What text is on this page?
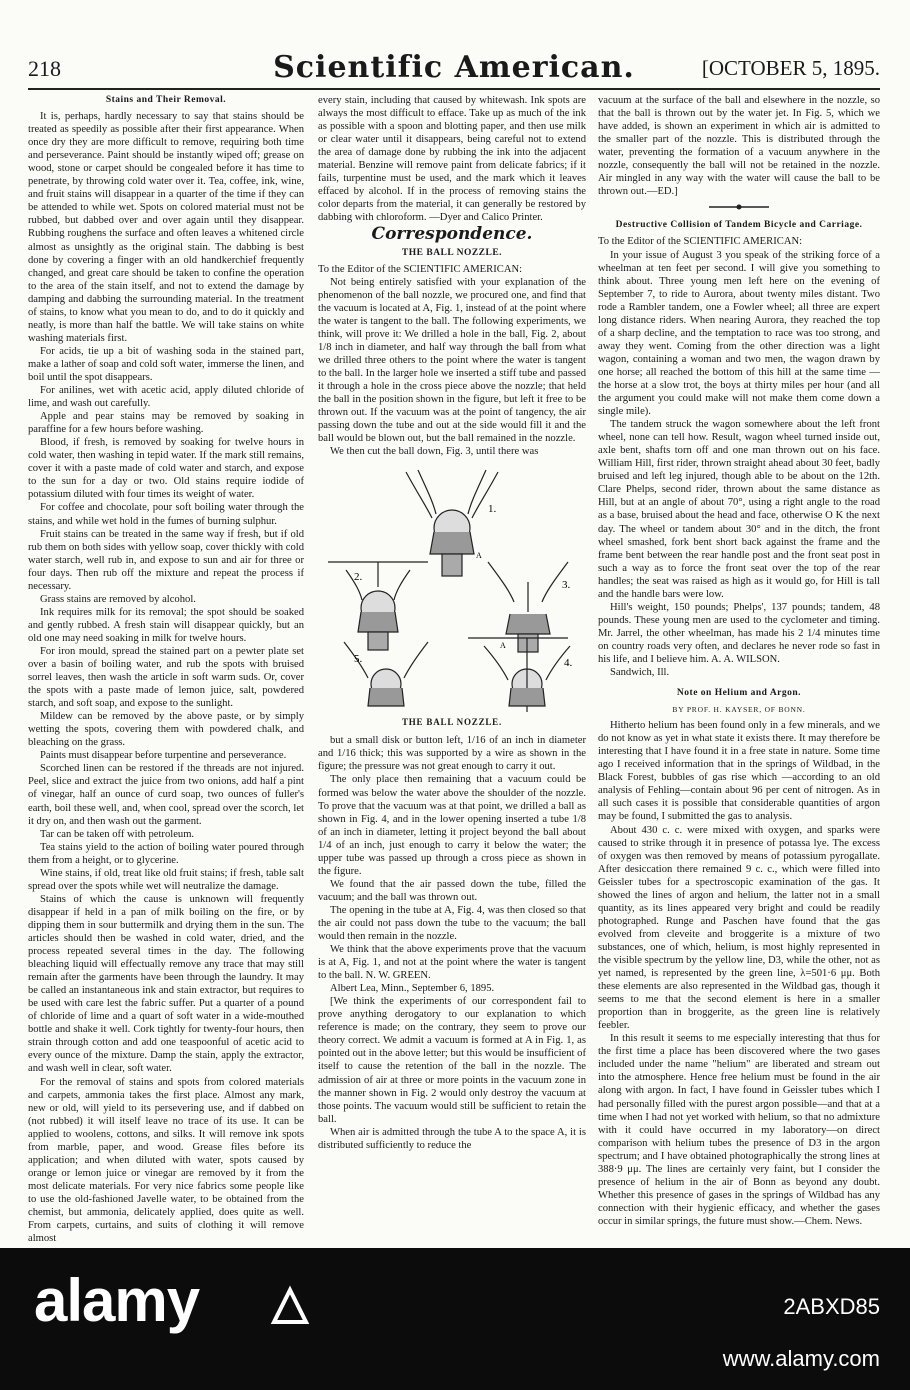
218	Scientific American.	[OCTOBER 5, 1895.
Stains and Their Removal.

It is, perhaps, hardly necessary to say that stains should be treated as speedily as possible after their first appearance. When once dry they are more difficult to remove, requiring both time and perseverance. Paint should be instantly wiped off; grease on wood, stone or carpet should be congealed before it has time to penetrate, by throwing cold water over it. Tea, coffee, ink, wine, and fruit stains will disappear in a quarter of the time if they can be attended to while wet. Spots on colored material must not be rubbed, but dabbed over and over again until they disappear. Rubbing roughens the surface and often leaves a whitened circle almost as unsightly as the original stain. The dabbing is best done by covering a finger with an old handkerchief frequently changed, and great care should be taken to confine the operation to the area of the stain itself, and not to extend the damage by damping and dabbing the surrounding material. In the treatment of stains, to know what you mean to do, and to do it quickly and neatly, is more than half the battle. We will take stains on white washing materials first.

For acids, tie up a bit of washing soda in the stained part, make a lather of soap and cold soft water, immerse the linen, and boil until the spot disappears.

For anilines, wet with acetic acid, apply diluted chloride of lime, and wash out carefully.

Apple and pear stains may be removed by soaking in paraffine for a few hours before washing.

Blood, if fresh, is removed by soaking for twelve hours in cold water, then washing in tepid water. If the mark still remains, cover it with a paste made of cold water and starch, and expose to the sun for a day or two. Old stains require iodide of potassium diluted with four times its weight of water.

For coffee and chocolate, pour soft boiling water through the stains, and while wet hold in the fumes of burning sulphur.

Fruit stains can be treated in the same way if fresh, but if old rub them on both sides with yellow soap, cover thickly with cold water starch, well rub in, and expose to sun and air for three or four days. Then rub off the mixture and repeat the process if necessary.

Grass stains are removed by alcohol.

Ink requires milk for its removal; the spot should be soaked and gently rubbed. A fresh stain will disappear quickly, but an old one may need soaking in milk for twelve hours.

For iron mould, spread the stained part on a pewter plate set over a basin of boiling water, and rub the spots with bruised sorrel leaves, then wash the article in soft warm suds. Or, cover the spots with a paste made of lemon juice, salt, powdered starch, and soft soap, and expose to the sunlight.

Mildew can be removed by the above paste, or by simply wetting the spots, covering them with powdered chalk, and bleaching on the grass.

Paints must disappear before turpentine and perseverance.

Scorched linen can be restored if the threads are not injured. Peel, slice and extract the juice from two onions, add half a pint of vinegar, half an ounce of curd soap, two ounces of fuller's earth, boil these well, and, when cool, spread over the scorch, let it dry on, and then wash out the garment.

Tar can be taken off with petroleum.

Tea stains yield to the action of boiling water poured through them from a height, or to glycerine.

Wine stains, if old, treat like old fruit stains; if fresh, table salt spread over the spots while wet will neutralize the damage.

Stains of which the cause is unknown will frequently disappear if held in a pan of milk boiling on the fire, or by dipping them in sour buttermilk and drying them in the sun. The articles should then be washed in cold water, dried, and the process repeated several times in the day. The following bleaching liquid will effectually remove any trace that may still remain after the garments have been through the laundry. It may be called an instantaneous ink and stain extractor, but requires to be used with care lest the fabric suffer. Put a quarter of a pound of chloride of lime and a quart of soft water in a wide-mouthed bottle and shake it well. Cork tightly for twenty-four hours, then strain through cotton and add one teaspoonful of acetic acid to every ounce of the mixture. Damp the stain, apply the extractor, and wash well in clear, soft water.

For the removal of stains and spots from colored materials and carpets, ammonia takes the first place. Almost any mark, new or old, will yield to its persevering use, and if dabbed on (not rubbed) it will itself leave no trace of its use. It can be applied to woolens, cottons, and silks. It will remove ink spots from marble, paper, and wood. Grease files before its application; and when diluted with water, spots caused by orange or lemon juice or vinegar are removed by it from the most delicate materials. For very nice fabrics some people like to use the old-fashioned Javelle water, to be obtained from the chemist, but ammonia, delicately applied, does quite as well. From carpets, curtains, and suits of clothing it will remove almost

every stain, including that caused by whitewash. Ink spots are always the most difficult to efface. Take up as much of the ink as possible with a spoon and blotting paper, and then use milk or clear water until it disappears, being careful not to extend the area of damage done by rubbing the ink into the adjacent material. Benzine will remove paint from delicate fabrics; if it fails, turpentine must be used, and the mark which it leaves effaced by alcohol. If in the process of removing stains the color departs from the material, it can generally be restored by dabbing with chloroform. —Dyer and Calico Printer.

Correspondence.
THE BALL NOZZLE.

To the Editor of the SCIENTIFIC AMERICAN:

Not being entirely satisfied with your explanation of the phenomenon of the ball nozzle, we procured one, and find that the vacuum is located at A, Fig. 1, instead of at the point where the water is tangent to the ball. The following experiments, we think, will prove it: We drilled a hole in the ball, Fig. 2, about 1/8 inch in diameter, and half way through the ball from what we drilled three others to the point where the water is tangent to the ball. In the larger hole we inserted a stiff tube and passed it through a hole in the cross piece above the nozzle; that held the ball in the position shown in the figure, but left it free to be thrown out. If the vacuum was at the point of tangency, the air passing down the tube and out at the side would fill it and the ball would be blown out, but the ball remained in the nozzle.

We then cut the ball down, Fig. 3, until there was

1.
2.
3.
4.
5.
A
A
THE BALL NOZZLE.

but a small disk or button left, 1/16 of an inch in diameter and 1/16 thick; this was supported by a wire as shown in the figure; the pressure was not great enough to carry it out.

The only place then remaining that a vacuum could be formed was below the water above the shoulder of the nozzle. To prove that the vacuum was at that point, we drilled a ball as shown in Fig. 4, and in the lower opening inserted a tube 1/8 of an inch in diameter, letting it project beyond the ball about 1/4 of an inch, just enough to carry it below the water; the upper tube was passed up through a cross piece as shown in the figure.

We found that the air passed down the tube, filled the vacuum; and the ball was thrown out.

The opening in the tube at A, Fig. 4, was then closed so that the air could not pass down the tube to the vacuum; the ball would then remain in the nozzle.

We think that the above experiments prove that the vacuum is at A, Fig. 1, and not at the point where the water is tangent to the ball. N. W. GREEN.

Albert Lea, Minn., September 6, 1895.

[We think the experiments of our correspondent fail to prove anything derogatory to our explanation to which reference is made; on the contrary, they seem to prove our theory correct. We admit a vacuum is formed at A in Fig. 1, as pointed out in the above letter; but this would be insufficient of itself to cause the retention of the ball in the nozzle. The admission of air at three or more points in the vacuum zone in the manner shown in Fig. 2 would only destroy the vacuum at those points. The vacuum would still be sufficient to retain the ball.

When air is admitted through the tube A to the space A, it is distributed sufficiently to reduce the

vacuum at the surface of the ball and elsewhere in the nozzle, so that the ball is thrown out by the water jet. In Fig. 5, which we have added, is shown an experiment in which air is admitted to the smaller part of the nozzle. This is distributed through the water, preventing the formation of a vacuum anywhere in the nozzle, consequently the ball will not be retained in the nozzle. Air mingled in any way with the water will cause the ball to be thrown out.—ED.]

Destructive Collision of Tandem Bicycle and Carriage.

To the Editor of the SCIENTIFIC AMERICAN:

In your issue of August 3 you speak of the striking force of a wheelman at ten feet per second. I will give you something to think about. Three young men left here on the evening of September 7, to ride to Aurora, about twenty miles distant. Two rode a Rambler tandem, one a Fowler wheel; all three are expert long distance riders. When nearing Aurora, they reached the top of a sharp decline, and the temptation to race was too strong, and away they went. Coming from the other direction was a light wagon, containing a woman and two men, the wagon drawn by one horse; all reached the bottom of this hill at the same time —the horse at a slow trot, the boys at thirty miles per hour (and all the argument you could make will not make them come down a single mile).

The tandem struck the wagon somewhere about the left front wheel, none can tell how. Result, wagon wheel turned inside out, axle bent, shafts torn off and one man thrown out on his face. William Hill, first rider, thrown straight ahead about 30 feet, badly bruised and left leg injured, though able to be about on the 12th. Clare Phelps, second rider, thrown about the same distance as Hill, but at an angle of about 70°, using a right angle to the road as a base, bruised about the head and face, otherwise O K the next day. The wheel or tandem about 30° and in the ditch, the front wheel smashed, fork bent short back against the frame and the frame bent between the rear handle post and the front seat post in such a way as to force the front seat over the top of the rear handles; the seat was raised as high as it would go, for Hill is tall and the handle bars were low.

Hill's weight, 150 pounds; Phelps', 137 pounds; tandem, 48 pounds. These young men are used to the cyclometer and timing. Mr. Jarrel, the other wheelman, has made his 2 1/4 minutes time on country roads very often, and declares he never rode so fast in his life, and I believe him. A. A. WILSON.

Sandwich, Ill.

Note on Helium and Argon.
BY PROF. H. KAYSER, OF BONN.

Hitherto helium has been found only in a few minerals, and we do not know as yet in what state it exists there. It may therefore be interesting that I have found it in a free state in nature. Some time ago I received information that in the springs of Wildbad, in the Black Forest, bubbles of gas rise which —according to an old analysis of Fehling—contain about 96 per cent of nitrogen. As in all such cases it is possible that considerable quantities of argon may be found, I submitted the gas to analysis.

About 430 c. c. were mixed with oxygen, and sparks were caused to strike through it in presence of potassa lye. The excess of oxygen was then removed by means of potassium pyrogallate. After desiccation there remained 9 c. c., which were filled into Geissler tubes for a spectroscopic examination of the gas. It showed the lines of argon and helium, the latter not in a small quantity, as its lines appeared very bright and could be readily photographed. Runge and Paschen have found that the gas evolved from cleveite and broggerite is a mixture of two substances, one of which, helium, is most highly represented in the visible spectrum by the yellow line, D3, while the other, not as yet named, is represented by the green line, λ=501·6 μμ. Both these elements are also represented in the Wildbad gas, though it seems to me that the second element is here in a smaller proportion than in broggerite, as the green line is relatively feebler.

In this result it seems to me especially interesting that thus for the first time a place has been discovered where the two gases included under the name "helium" are liberated and stream out into the atmosphere. Hence free helium must be found in the air along with argon. In fact, I have found in Geissler tubes which I had personally filled with the purest argon possible—and that at a time when I had not yet worked with helium, so that no admixture with it could have occurred in my laboratory—on direct comparison with helium tubes the presence of D3 in the argon spectrum; and I have obtained photographically the strong lines at 388·9 μμ. The lines are certainly very faint, but I consider the presence of helium in the air of Bonn as beyond any doubt. Whether this presence of gases in the springs of Wildbad has any connection with their hygienic efficacy, and whether the gases occur in similar springs, the future must show.—Chem. News.

alamy	2ABXD85
www.alamy.com
